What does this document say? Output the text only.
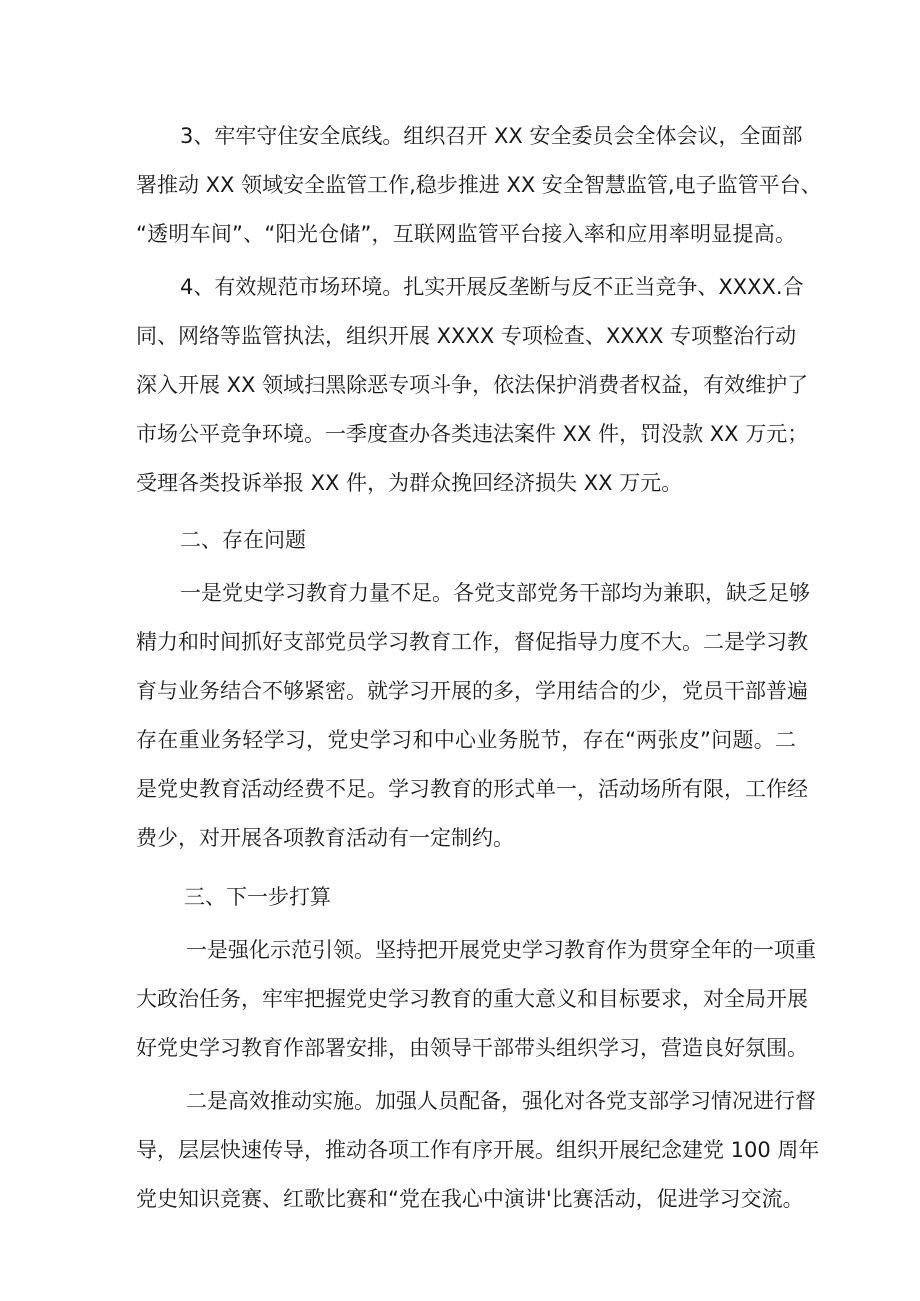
3、牢牢守住安全底线。组织召开 XX 安全委员会全体会议，全面部
署推动 XX 领域安全监管工作,稳步推进 XX 安全智慧监管,电子监管平台、
“透明车间”、“阳光仓储”，互联网监管平台接入率和应用率明显提高。
4、有效规范市场环境。扎实开展反垄断与反不正当竞争、XXXX.合
同、网络等监管执法，组织开展 XXXX 专项检查、XXXX 专项整治行动
深入开展 XX 领域扫黑除恶专项斗争，依法保护消费者权益，有效维护了
市场公平竞争环境。一季度查办各类违法案件 XX 件，罚没款 XX 万元；
受理各类投诉举报 XX 件，为群众挽回经济损失 XX 万元。
二、存在问题
一是党史学习教育力量不足。各党支部党务干部均为兼职，缺乏足够
精力和时间抓好支部党员学习教育工作，督促指导力度不大。二是学习教
育与业务结合不够紧密。就学习开展的多，学用结合的少，党员干部普遍
存在重业务轻学习，党史学习和中心业务脱节，存在“两张皮”问题。二
是党史教育活动经费不足。学习教育的形式单一，活动场所有限，工作经
费少，对开展各项教育活动有一定制约。
三、下一步打算
一是强化示范引领。坚持把开展党史学习教育作为贯穿全年的一项重
大政治任务，牢牢把握党史学习教育的重大意义和目标要求，对全局开展
好党史学习教育作部署安排，由领导干部带头组织学习，营造良好氛围。
二是高效推动实施。加强人员配备，强化对各党支部学习情况进行督
导，层层快速传导，推动各项工作有序开展。组织开展纪念建党 100 周年
党史知识竞赛、红歌比赛和“党在我心中演讲'比赛活动，促进学习交流。
